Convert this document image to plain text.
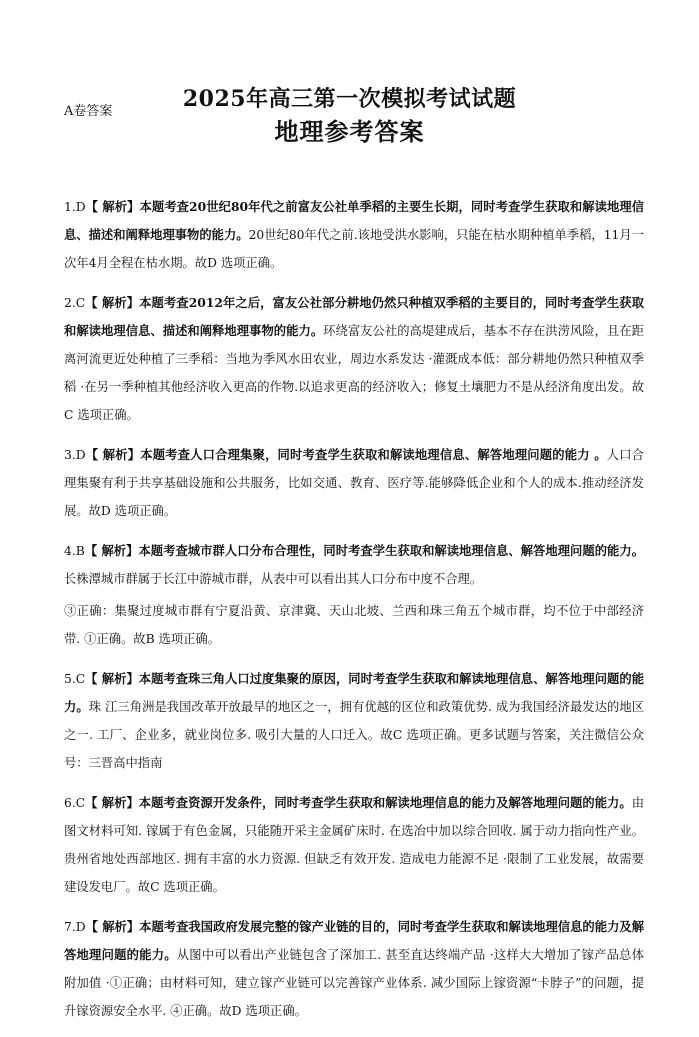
A卷答案	2025年高三第一次模拟考试试题
地理参考答案

1.D【 解析】本题考查20世纪80年代之前富友公社单季稻的主要生长期，同时考查学生获取和解读地理信息、描述和阐释地理事物的能力。20世纪80年代之前.该地受洪水影响，只能在枯水期种植单季稻，11月一次年4月全程在枯水期。故D 选项正确。

2.C【 解析】本题考查2012年之后，富友公社部分耕地仍然只种植双季稻的主要目的，同时考查学生获取和解读地理信息、描述和阐释地理事物的能力。环绕富友公社的高堤建成后，基本不存在洪涝风险，且在距离河流更近处种植了三季稻：当地为季风水田农业，周边水系发达 ·灌溉成本低：部分耕地仍然只种植双季稻 ·在另一季种植其他经济收入更高的作物.以追求更高的经济收入；修复土壤肥力不是从经济角度出发。故C 选项正确。

3.D【 解析】本题考查人口合理集聚，同时考查学生获取和解读地理信息、解答地理问题的能力 。人口合理集聚有利于共享基础设施和公共服务，比如交通、教育、医疗等.能够降低企业和个人的成本.推动经济发展。故D 选项正确。

4.B【 解析】本题考查城市群人口分布合理性，同时考查学生获取和解读地理信息、解答地理问题的能力。长株潭城市群属于长江中游城市群，从表中可以看出其人口分布中度不合理。

③正确：集聚过度城市群有宁夏沿黄、京津冀、天山北坡、兰西和珠三角五个城市群，均不位于中部经济带. ①正确。故B 选项正确。

5.C【 解析】本题考查珠三角人口过度集聚的原因，同时考查学生获取和解读地理信息、解答地理问题的能力。珠 江三角洲是我国改革开放最早的地区之一，拥有优越的区位和政策优势. 成为我国经济最发达的地区之一. 工厂、企业多，就业岗位多. 吸引大量的人口迁入。故C 选项正确。更多试题与答案，关注微信公众号：三晋高中指南

6.C【 解析】本题考查资源开发条件，同时考查学生获取和解读地理信息的能力及解答地理问题的能力。由图文材料可知. 镓属于有色金属，只能随开采主金属矿床时. 在选冶中加以综合回收. 属于动力指向性产业。贵州省地处西部地区. 拥有丰富的水力资源. 但缺乏有效开发. 造成电力能源不足 ·限制了工业发展，故需要建设发电厂。故C 选项正确。

7.D【 解析】本题考查我国政府发展完整的镓产业链的目的，同时考查学生获取和解读地理信息的能力及解答地理问题的能力。从图中可以看出产业链包含了深加工. 甚至直达终端产品 ·这样大大增加了镓产品总体附加值 ·①正确；由材料可知，建立镓产业链可以完善镓产业体系. 减少国际上镓资源“卡脖子”的问题，提升镓资源安全水平. ④正确。故D 选项正确。
